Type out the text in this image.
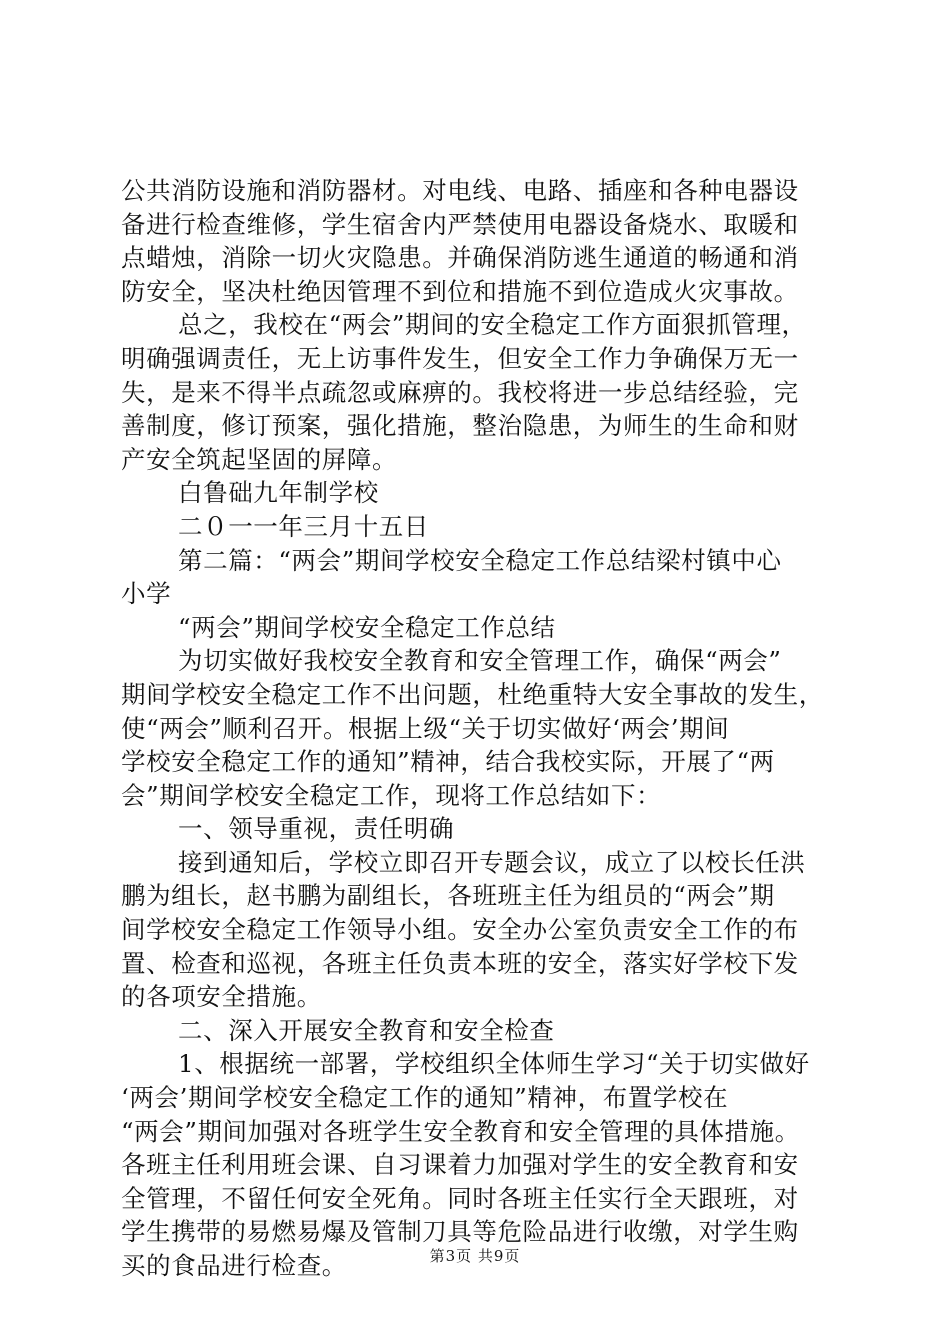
公共消防设施和消防器材。对电线、电路、插座和各种电器设
备进行检查维修，学生宿舍内严禁使用电器设备烧水、取暖和
点蜡烛，消除一切火灾隐患。并确保消防逃生通道的畅通和消
防安全，坚决杜绝因管理不到位和措施不到位造成火灾事故。
总之，我校在“两会”期间的安全稳定工作方面狠抓管理，
明确强调责任，无上访事件发生，但安全工作力争确保万无一
失，是来不得半点疏忽或麻痹的。我校将进一步总结经验，完
善制度，修订预案，强化措施，整治隐患，为师生的生命和财
产安全筑起坚固的屏障。
白鲁础九年制学校
二０一一年三月十五日
第二篇：“两会”期间学校安全稳定工作总结梁村镇中心
小学
“两会”期间学校安全稳定工作总结
为切实做好我校安全教育和安全管理工作，确保“两会”
期间学校安全稳定工作不出问题，杜绝重特大安全事故的发生，
使“两会”顺利召开。根据上级“关于切实做好‘两会’期间
学校安全稳定工作的通知”精神，结合我校实际，开展了“两
会”期间学校安全稳定工作，现将工作总结如下：
一、领导重视，责任明确
接到通知后，学校立即召开专题会议，成立了以校长任洪
鹏为组长，赵书鹏为副组长，各班班主任为组员的“两会”期
间学校安全稳定工作领导小组。安全办公室负责安全工作的布
置、检查和巡视，各班主任负责本班的安全，落实好学校下发
的各项安全措施。
二、深入开展安全教育和安全检查
1、根据统一部署，学校组织全体师生学习“关于切实做好
‘两会’期间学校安全稳定工作的通知”精神，布置学校在
“两会”期间加强对各班学生安全教育和安全管理的具体措施。
各班主任利用班会课、自习课着力加强对学生的安全教育和安
全管理，不留任何安全死角。同时各班主任实行全天跟班，对
学生携带的易燃易爆及管制刀具等危险品进行收缴，对学生购
买的食品进行检查。	第3页 共9页
